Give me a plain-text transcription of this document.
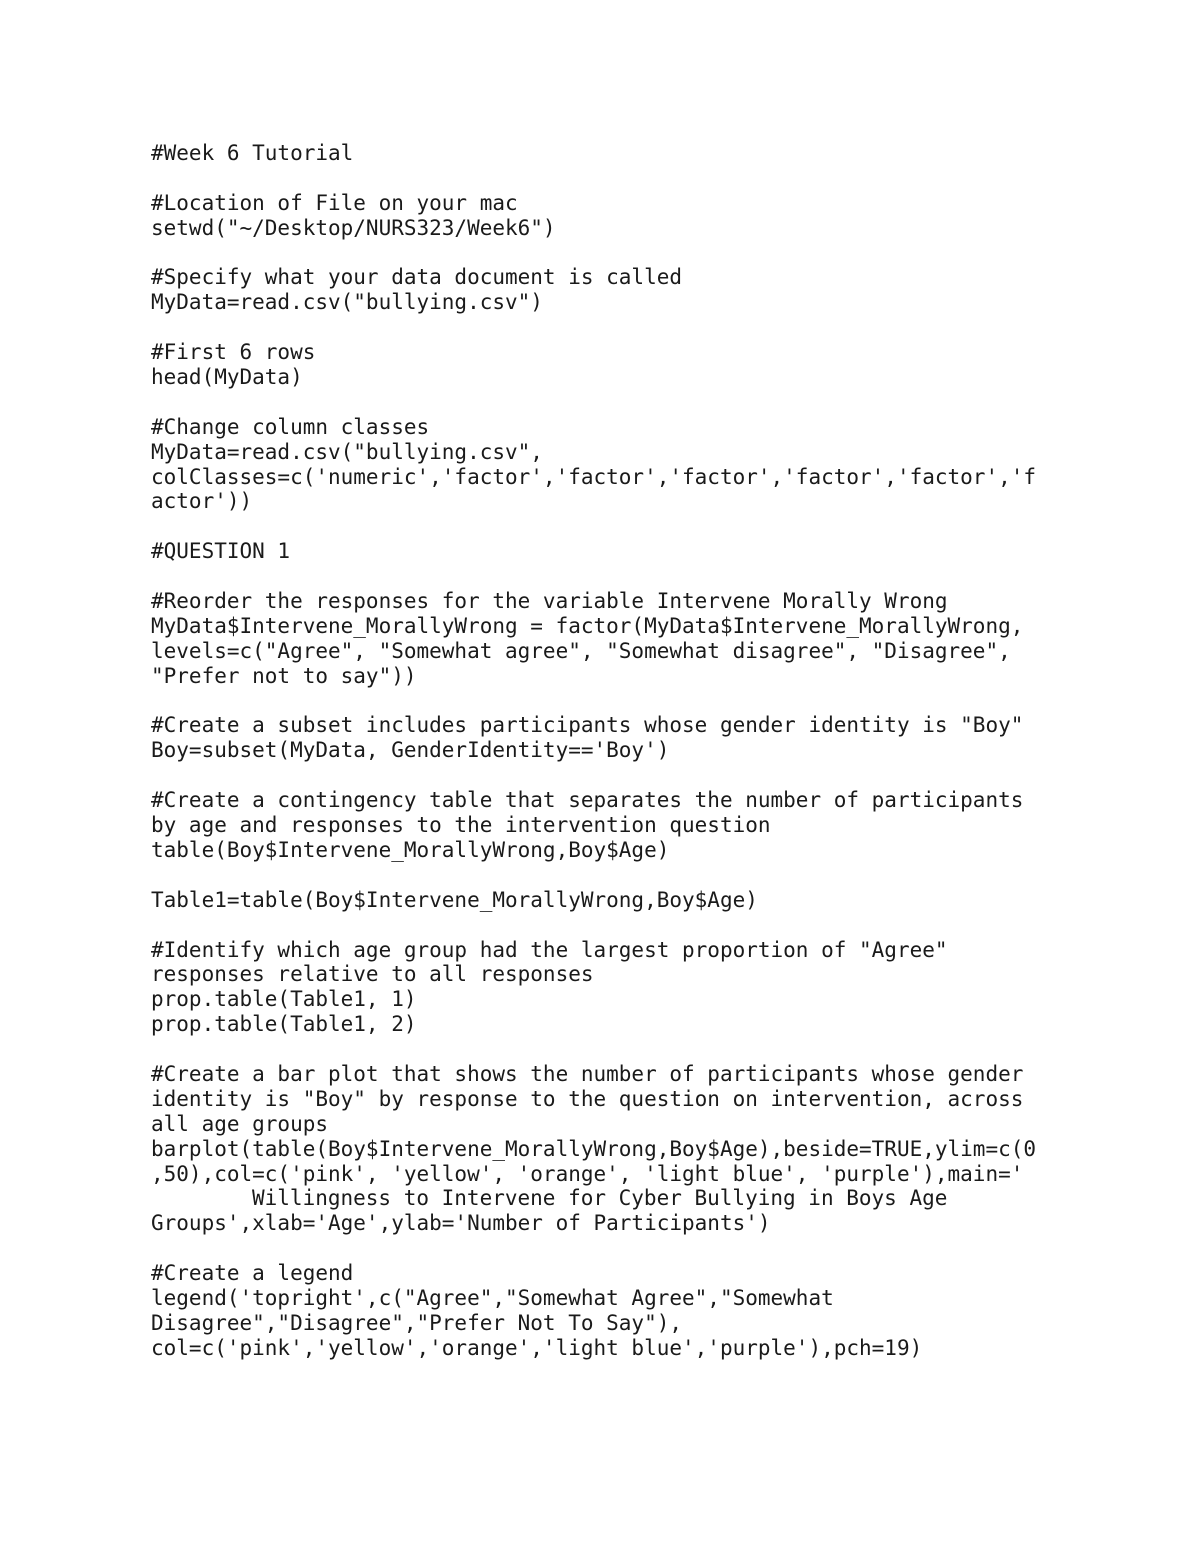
#Week 6 Tutorial
#Location of File on your mac
setwd("~/Desktop/NURS323/Week6")
#Specify what your data document is called
MyData=read.csv("bullying.csv")
#First 6 rows
head(MyData)
#Change column classes
MyData=read.csv("bullying.csv",
colClasses=c('numeric','factor','factor','factor','factor','factor','f
actor'))
#QUESTION 1
#Reorder the responses for the variable Intervene Morally Wrong
MyData$Intervene_MorallyWrong = factor(MyData$Intervene_MorallyWrong,
levels=c("Agree", "Somewhat agree", "Somewhat disagree", "Disagree",
"Prefer not to say"))
#Create a subset includes participants whose gender identity is "Boy"
Boy=subset(MyData, GenderIdentity=='Boy')
#Create a contingency table that separates the number of participants
by age and responses to the intervention question
table(Boy$Intervene_MorallyWrong,Boy$Age)
Table1=table(Boy$Intervene_MorallyWrong,Boy$Age)
#Identify which age group had the largest proportion of "Agree"
responses relative to all responses
prop.table(Table1, 1)
prop.table(Table1, 2)
#Create a bar plot that shows the number of participants whose gender
identity is "Boy" by response to the question on intervention, across
all age groups
barplot(table(Boy$Intervene_MorallyWrong,Boy$Age),beside=TRUE,ylim=c(0
,50),col=c('pink', 'yellow', 'orange', 'light blue', 'purple'),main='
Willingness to Intervene for Cyber Bullying in Boys Age
Groups',xlab='Age',ylab='Number of Participants')
#Create a legend
legend('topright',c("Agree","Somewhat Agree","Somewhat
Disagree","Disagree","Prefer Not To Say"),
col=c('pink','yellow','orange','light blue','purple'),pch=19)
